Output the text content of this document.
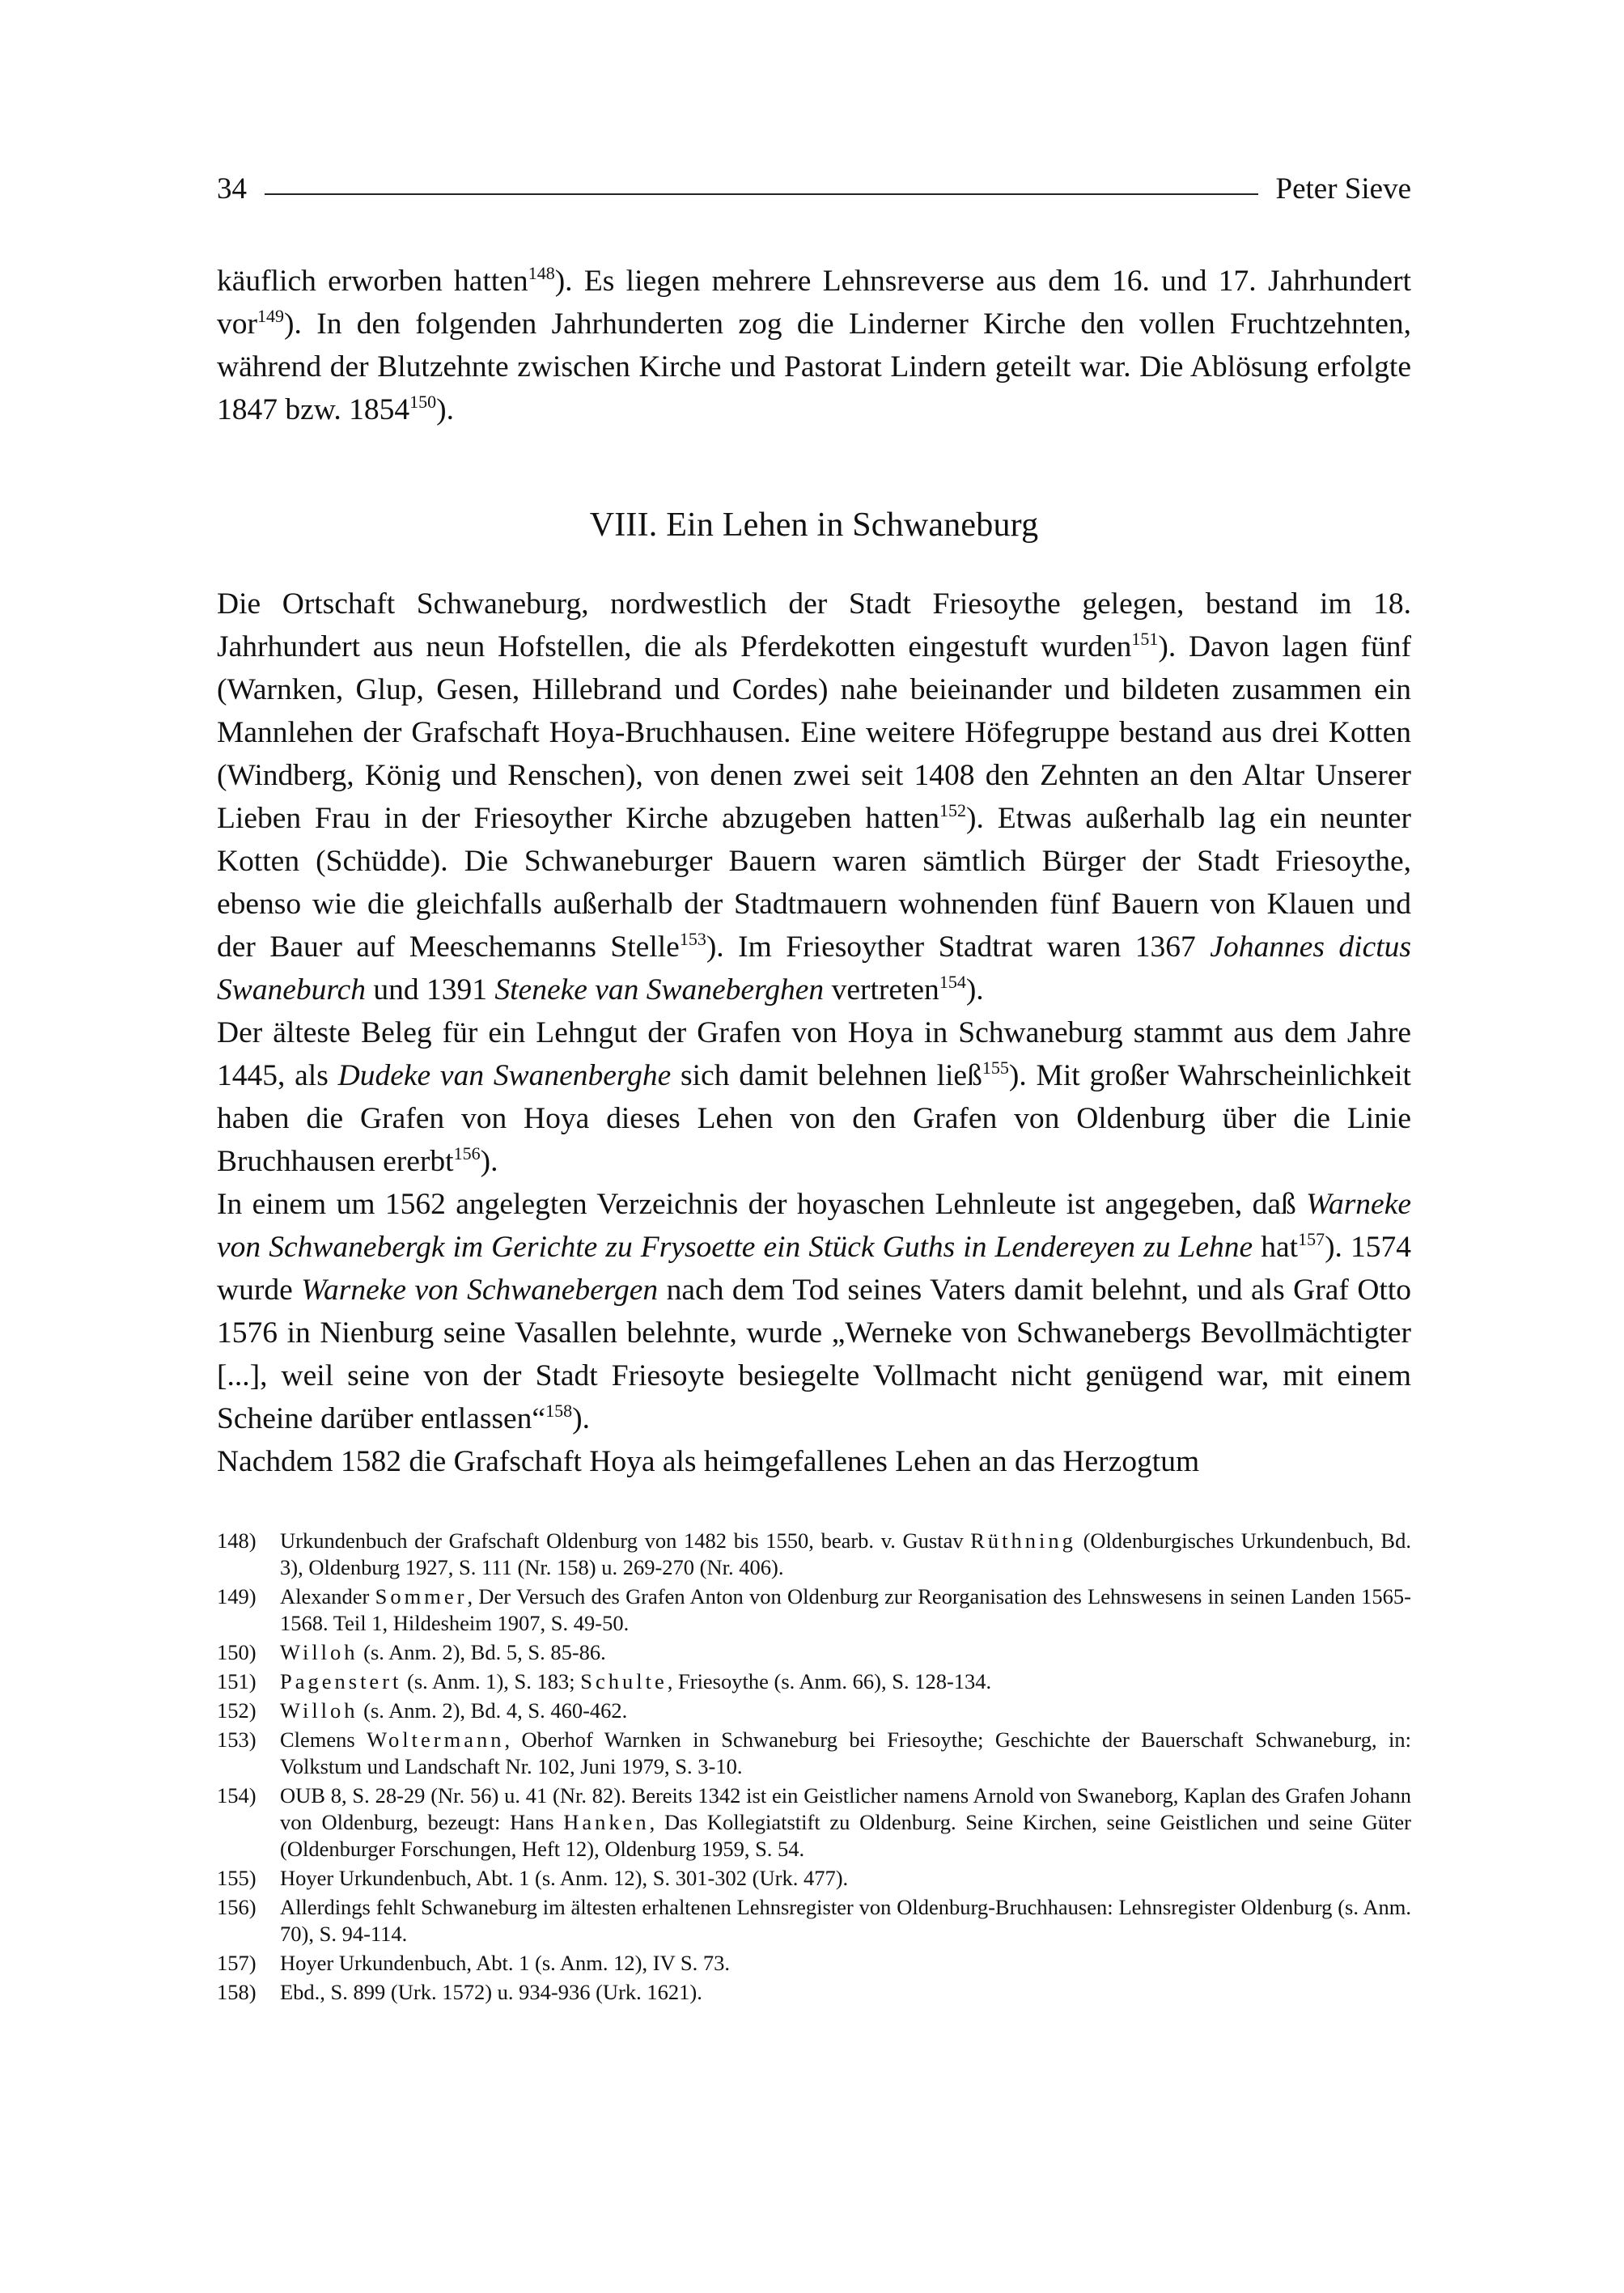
34	Peter Sieve

käuflich erworben hatten$^{148}$). Es liegen mehrere Lehnsreverse aus dem 16. und 17. Jahrhundert vor$^{149}$). In den folgenden Jahrhunderten zog die Linderner Kirche den vollen Fruchtzehnten, während der Blutzehnte zwischen Kirche und Pastorat Lindern geteilt war. Die Ablösung erfolgte 1847 bzw. 1854$^{150}$).

VIII. Ein Lehen in Schwaneburg

Die Ortschaft Schwaneburg, nordwestlich der Stadt Friesoythe gelegen, bestand im 18. Jahrhundert aus neun Hofstellen, die als Pferdekotten eingestuft wurden$^{151}$). Davon lagen fünf (Warnken, Glup, Gesen, Hillebrand und Cordes) nahe beieinander und bildeten zusammen ein Mannlehen der Grafschaft Hoya-Bruchhausen. Eine weitere Höfegruppe bestand aus drei Kotten (Windberg, König und Renschen), von denen zwei seit 1408 den Zehnten an den Altar Unserer Lieben Frau in der Friesoyther Kirche abzugeben hatten$^{152}$). Etwas außerhalb lag ein neunter Kotten (Schüdde). Die Schwaneburger Bauern waren sämtlich Bürger der Stadt Friesoythe, ebenso wie die gleichfalls außerhalb der Stadtmauern wohnenden fünf Bauern von Klauen und der Bauer auf Meeschemanns Stelle$^{153}$). Im Friesoyther Stadtrat waren 1367 Johannes dictus Swaneburch und 1391 Steneke van Swaneberghen vertreten$^{154}$).

Der älteste Beleg für ein Lehngut der Grafen von Hoya in Schwaneburg stammt aus dem Jahre 1445, als Dudeke van Swanenberghe sich damit belehnen ließ$^{155}$). Mit großer Wahrscheinlichkeit haben die Grafen von Hoya dieses Lehen von den Grafen von Oldenburg über die Linie Bruchhausen ererbt$^{156}$).

In einem um 1562 angelegten Verzeichnis der hoyaschen Lehnleute ist angegeben, daß Warneke von Schwanebergk im Gerichte zu Frysoette ein Stück Guths in Lendereyen zu Lehne hat$^{157}$). 1574 wurde Warneke von Schwanebergen nach dem Tod seines Vaters damit belehnt, und als Graf Otto 1576 in Nienburg seine Vasallen belehnte, wurde „Werneke von Schwanebergs Bevollmächtigter [...], weil seine von der Stadt Friesoyte besiegelte Vollmacht nicht genügend war, mit einem Scheine darüber entlassen“$^{158}$).

Nachdem 1582 die Grafschaft Hoya als heimgefallenes Lehen an das Herzogtum

148)	Urkundenbuch der Grafschaft Oldenburg von 1482 bis 1550, bearb. v. Gustav Rüthning (Oldenburgisches Urkundenbuch, Bd. 3), Oldenburg 1927, S. 111 (Nr. 158) u. 269-270 (Nr. 406).
149)	Alexander Sommer, Der Versuch des Grafen Anton von Oldenburg zur Reorganisation des Lehnswesens in seinen Landen 1565-1568. Teil 1, Hildesheim 1907, S. 49-50.
150)	Willoh (s. Anm. 2), Bd. 5, S. 85-86.
151)	Pagenstert (s. Anm. 1), S. 183; Schulte, Friesoythe (s. Anm. 66), S. 128-134.
152)	Willoh (s. Anm. 2), Bd. 4, S. 460-462.
153)	Clemens Woltermann, Oberhof Warnken in Schwaneburg bei Friesoythe; Geschichte der Bauerschaft Schwaneburg, in: Volkstum und Landschaft Nr. 102, Juni 1979, S. 3-10.
154)	OUB 8, S. 28-29 (Nr. 56) u. 41 (Nr. 82). Bereits 1342 ist ein Geistlicher namens Arnold von Swaneborg, Kaplan des Grafen Johann von Oldenburg, bezeugt: Hans Hanken, Das Kollegiatstift zu Oldenburg. Seine Kirchen, seine Geistlichen und seine Güter (Oldenburger Forschungen, Heft 12), Oldenburg 1959, S. 54.
155)	Hoyer Urkundenbuch, Abt. 1 (s. Anm. 12), S. 301-302 (Urk. 477).
156)	Allerdings fehlt Schwaneburg im ältesten erhaltenen Lehnsregister von Oldenburg-Bruchhausen: Lehnsregister Oldenburg (s. Anm. 70), S. 94-114.
157)	Hoyer Urkundenbuch, Abt. 1 (s. Anm. 12), IV S. 73.
158)	Ebd., S. 899 (Urk. 1572) u. 934-936 (Urk. 1621).
